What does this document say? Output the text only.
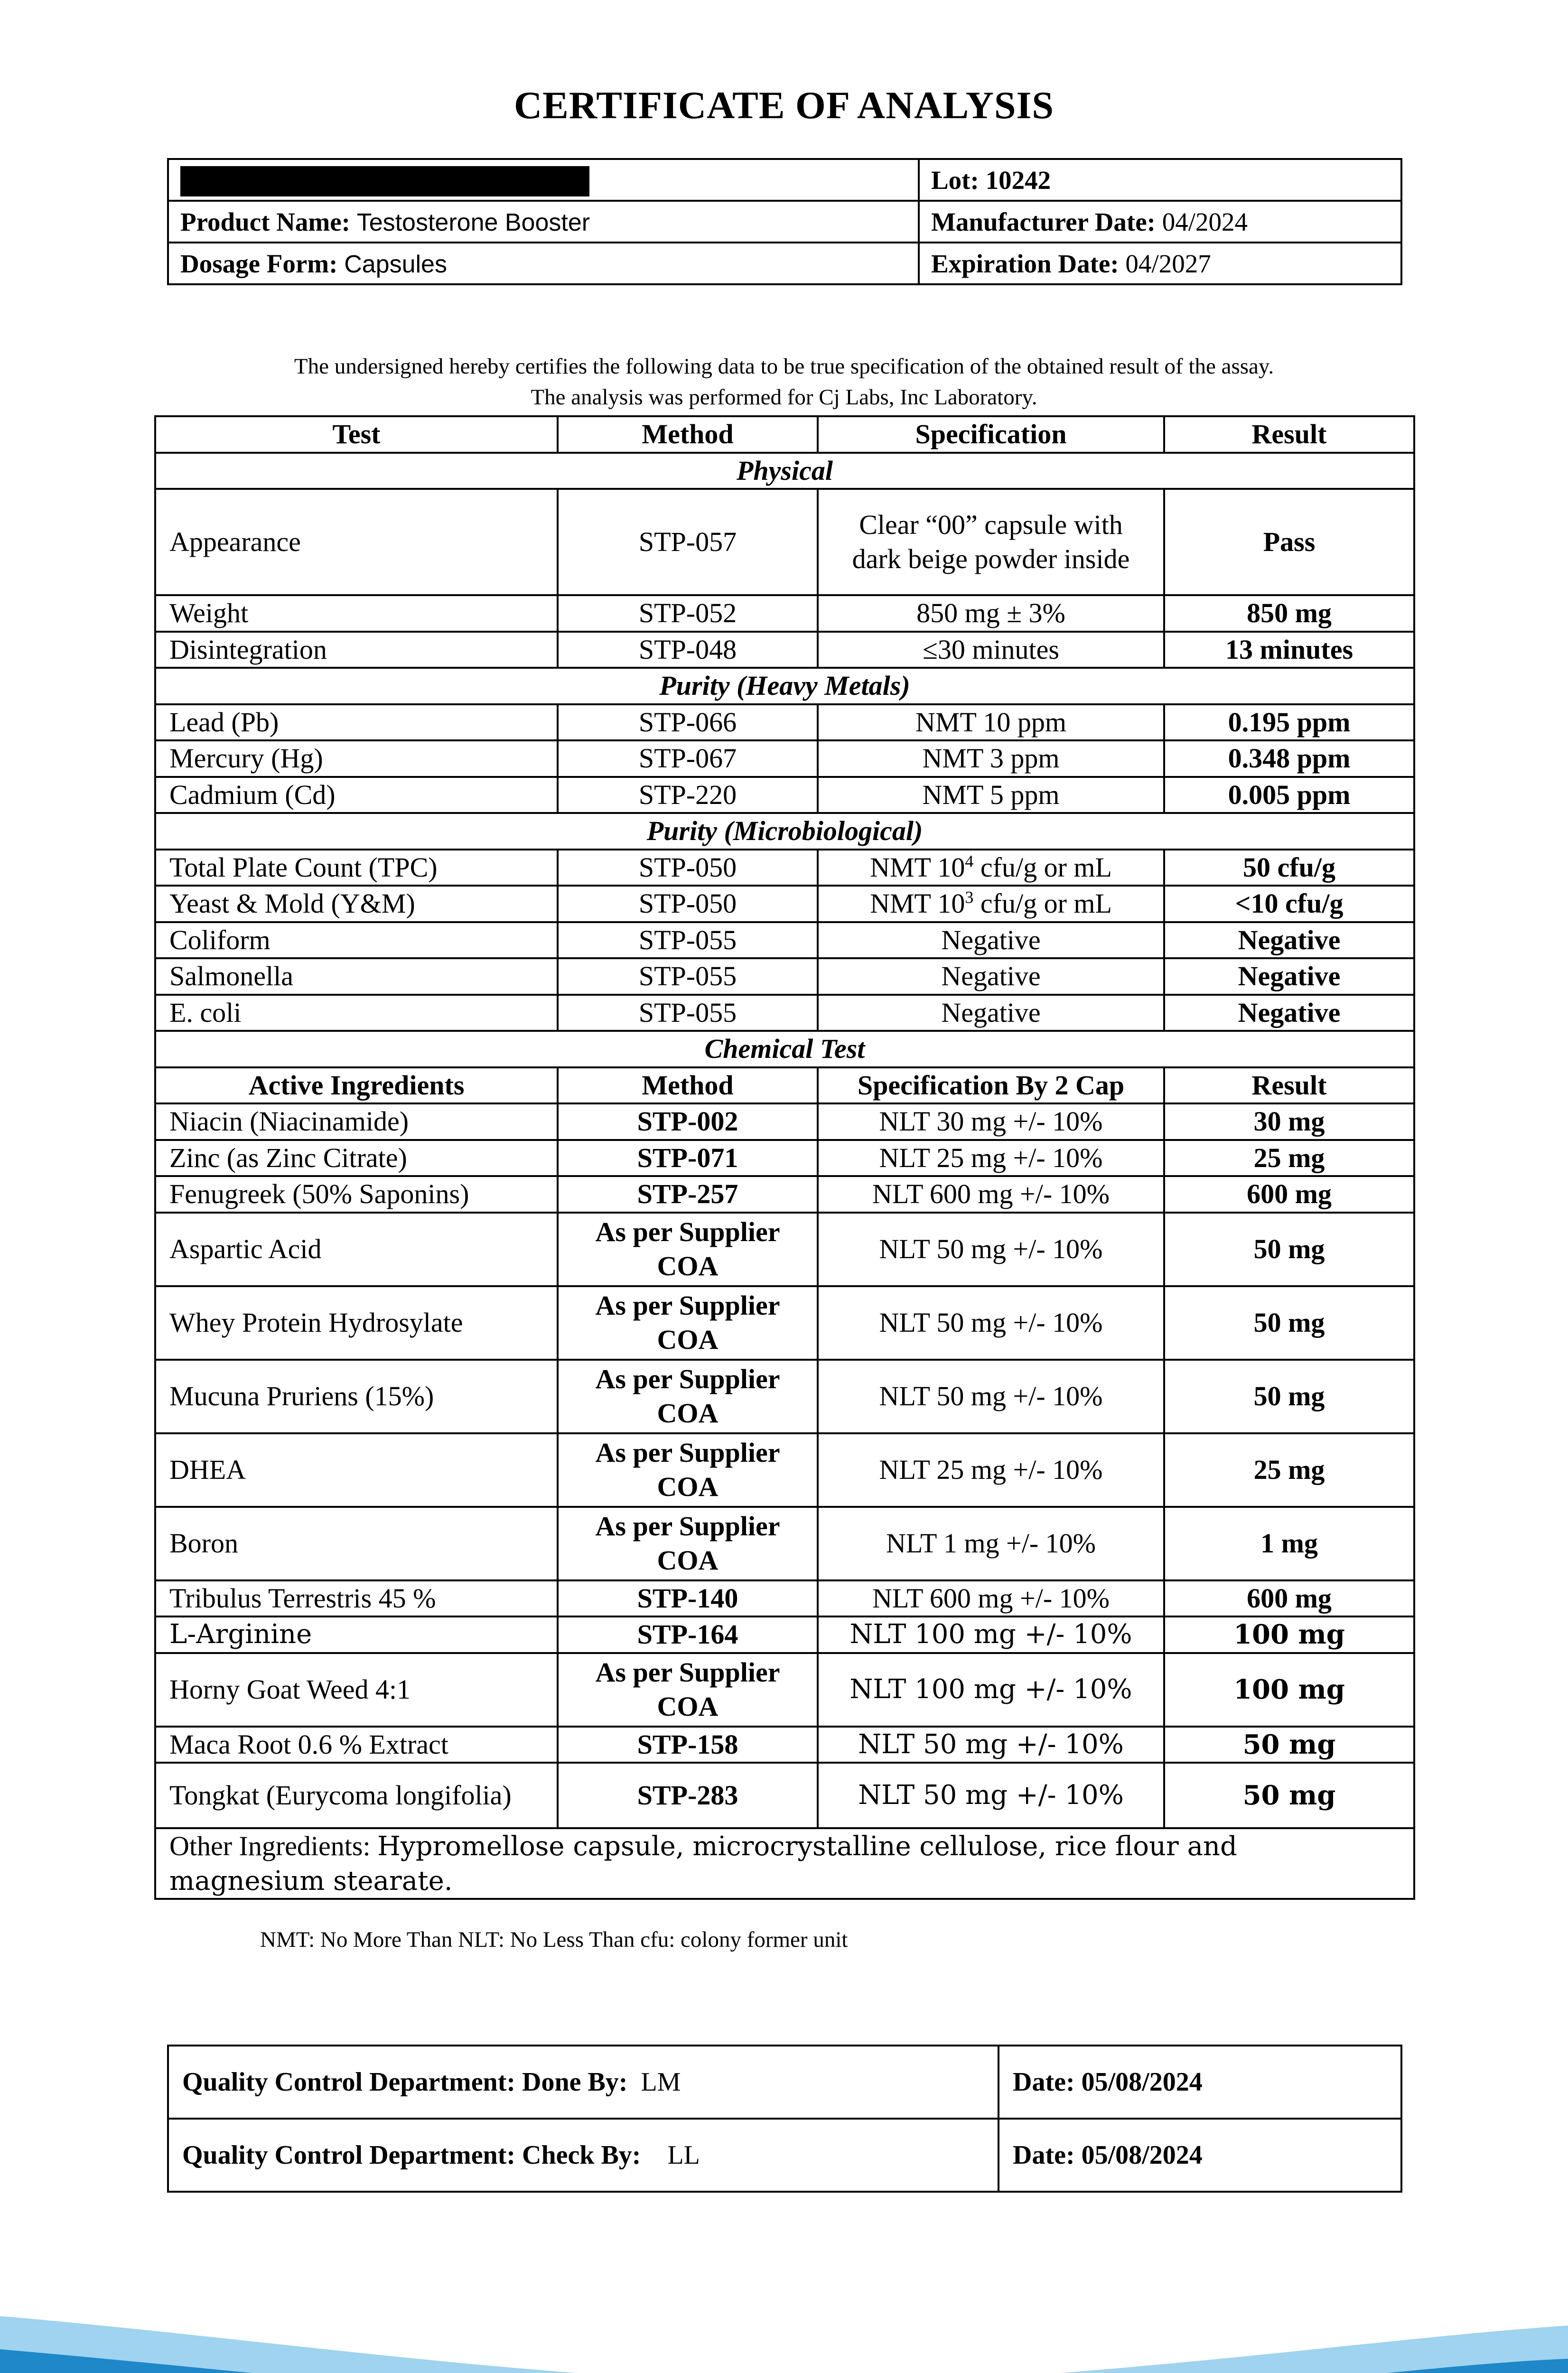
CERTIFICATE OF ANALYSIS
	Lot: 10242
Product Name: Testosterone Booster	Manufacturer Date: 04/2024
Dosage Form: Capsules	Expiration Date: 04/2027
The undersigned hereby certifies the following data to be true specification of the obtained result of the assay.
The analysis was performed for Cj Labs, Inc Laboratory.
Test	Method	Specification	Result
Physical			
Appearance	STP-057	Clear “00” capsule with dark beige powder inside	Pass
Weight	STP-052	850 mg ± 3%	850 mg
Disintegration	STP-048	≤30 minutes	13 minutes
Purity (Heavy Metals)			
Lead (Pb)	STP-066	NMT 10 ppm	0.195 ppm
Mercury (Hg)	STP-067	NMT 3 ppm	0.348 ppm
Cadmium (Cd)	STP-220	NMT 5 ppm	0.005 ppm
Purity (Microbiological)			
Total Plate Count (TPC)	STP-050	NMT $10^4$ cfu/g or mL	50 cfu/g
Yeast & Mold (Y&M)	STP-050	NMT $10^3$ cfu/g or mL	<10 cfu/g
Coliform	STP-055	Negative	Negative
Salmonella	STP-055	Negative	Negative
E. coli	STP-055	Negative	Negative
Chemical Test			
Active Ingredients	Method	Specification By 2 Cap	Result
Niacin (Niacinamide)	STP-002	NLT 30 mg +/- 10%	30 mg
Zinc (as Zinc Citrate)	STP-071	NLT 25 mg +/- 10%	25 mg
Fenugreek (50% Saponins)	STP-257	NLT 600 mg +/- 10%	600 mg
Aspartic Acid	As per Supplier COA	NLT 50 mg +/- 10%	50 mg
Whey Protein Hydrosylate	As per Supplier COA	NLT 50 mg +/- 10%	50 mg
Mucuna Pruriens (15%)	As per Supplier COA	NLT 50 mg +/- 10%	50 mg
DHEA	As per Supplier COA	NLT 25 mg +/- 10%	25 mg
Boron	As per Supplier COA	NLT 1 mg +/- 10%	1 mg
Tribulus Terrestris 45 %	STP-140	NLT 600 mg +/- 10%	600 mg
L-Arginine	STP-164	NLT 100 mg +/- 10%	100 mg
Horny Goat Weed 4:1	As per Supplier COA	NLT 100 mg +/- 10%	100 mg
Maca Root 0.6 % Extract	STP-158	NLT 50 mg +/- 10%	50 mg
Tongkat (Eurycoma longifolia)	STP-283	NLT 50 mg +/- 10%	50 mg
Other Ingredients: Hypromellose capsule, microcrystalline cellulose, rice flour and magnesium stearate.			
NMT: No More Than NLT: No Less Than cfu: colony former unit
Quality Control Department: Done By: LM	Date: 05/08/2024
Quality Control Department: Check By: LL	Date: 05/08/2024
